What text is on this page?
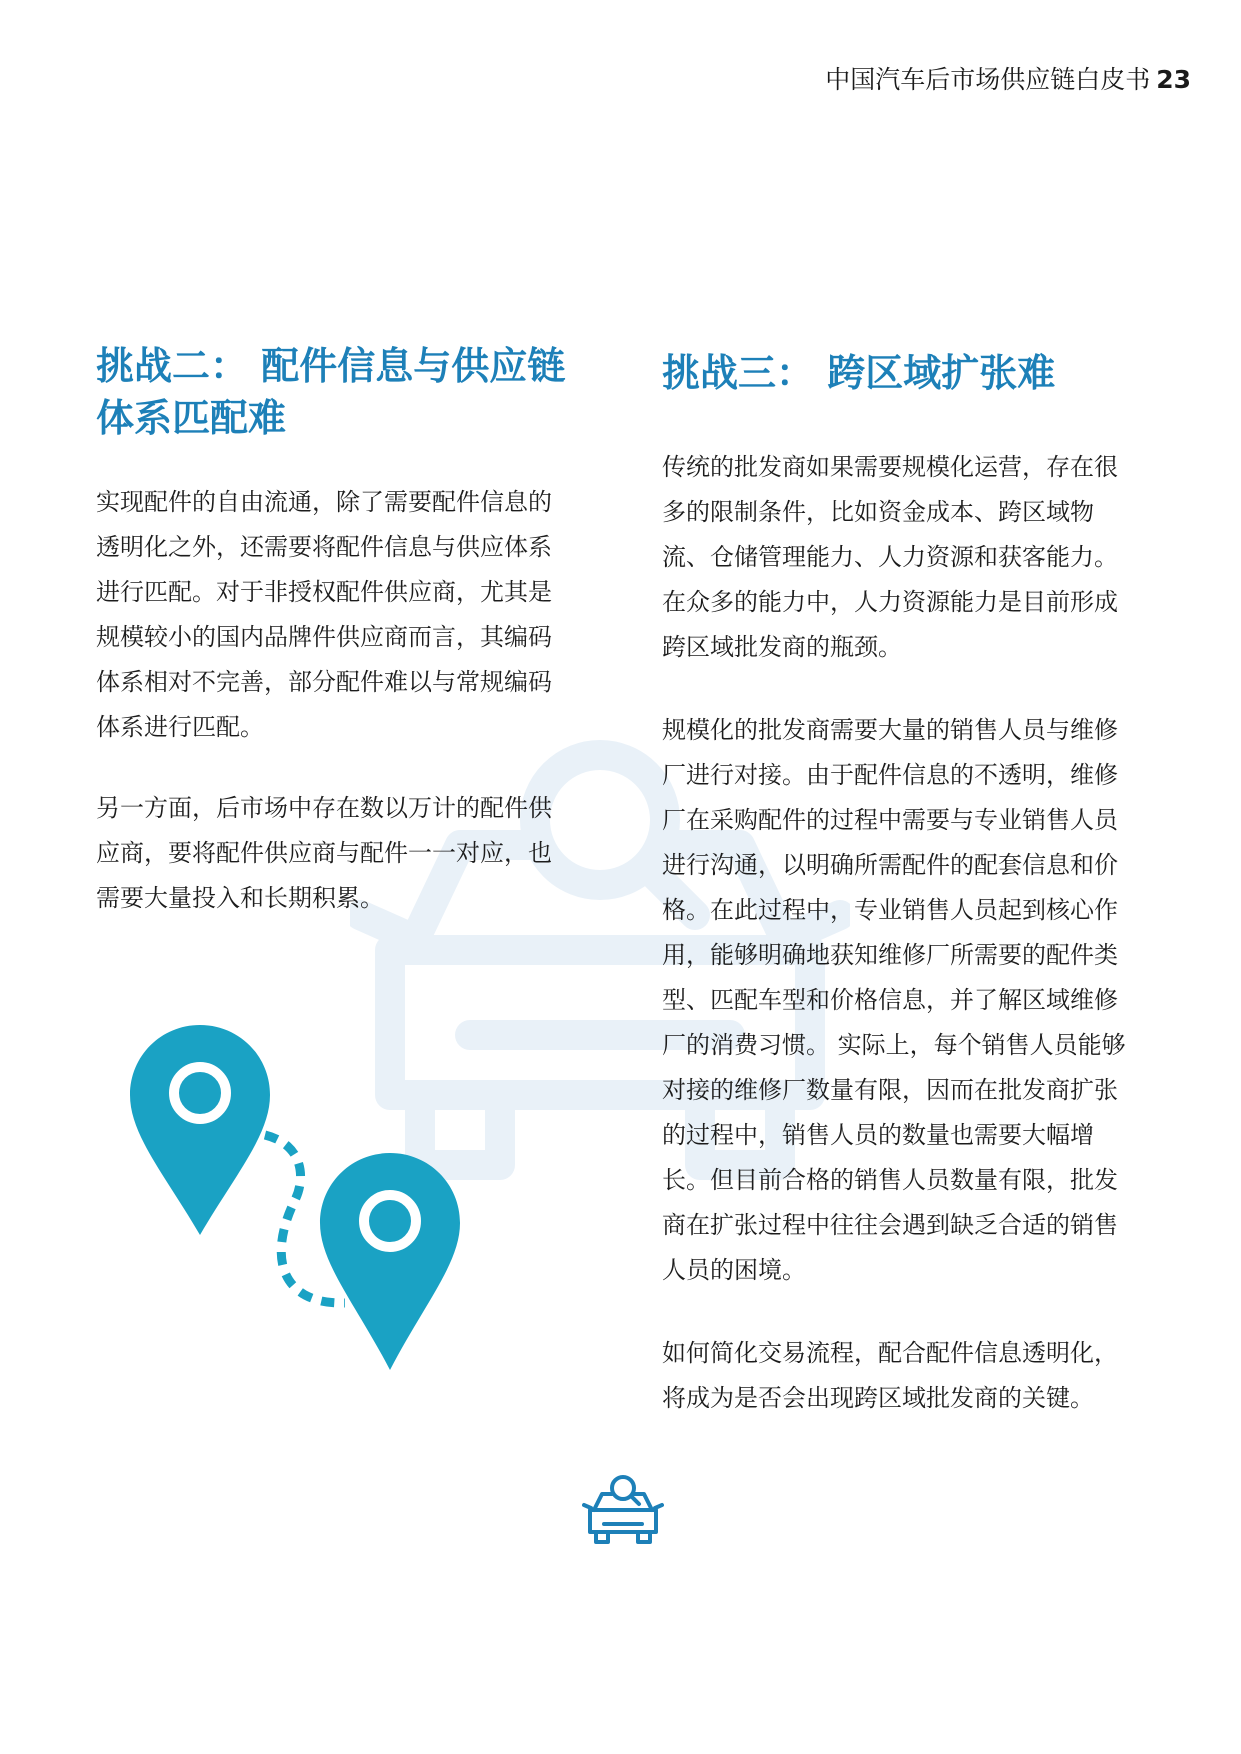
中国汽车后市场供应链白皮书 23
挑战二： 配件信息与供应链
体系匹配难

实现配件的自由流通，除了需要配件信息的
透明化之外，还需要将配件信息与供应体系
进行匹配。对于非授权配件供应商，尤其是
规模较小的国内品牌件供应商而言，其编码
体系相对不完善，部分配件难以与常规编码
体系进行匹配。

另一方面，后市场中存在数以万计的配件供
应商，要将配件供应商与配件一一对应，也
需要大量投入和长期积累。

挑战三： 跨区域扩张难

传统的批发商如果需要规模化运营，存在很
多的限制条件，比如资金成本、跨区域物
流、仓储管理能力、人力资源和获客能力。
在众多的能力中，人力资源能力是目前形成
跨区域批发商的瓶颈。

规模化的批发商需要大量的销售人员与维修
厂进行对接。由于配件信息的不透明，维修
厂在采购配件的过程中需要与专业销售人员
进行沟通，以明确所需配件的配套信息和价
格。在此过程中，专业销售人员起到核心作
用，能够明确地获知维修厂所需要的配件类
型、匹配车型和价格信息，并了解区域维修
厂的消费习惯。 实际上，每个销售人员能够
对接的维修厂数量有限，因而在批发商扩张
的过程中，销售人员的数量也需要大幅增
长。但目前合格的销售人员数量有限，批发
商在扩张过程中往往会遇到缺乏合适的销售
人员的困境。

如何简化交易流程，配合配件信息透明化，
将成为是否会出现跨区域批发商的关键。
